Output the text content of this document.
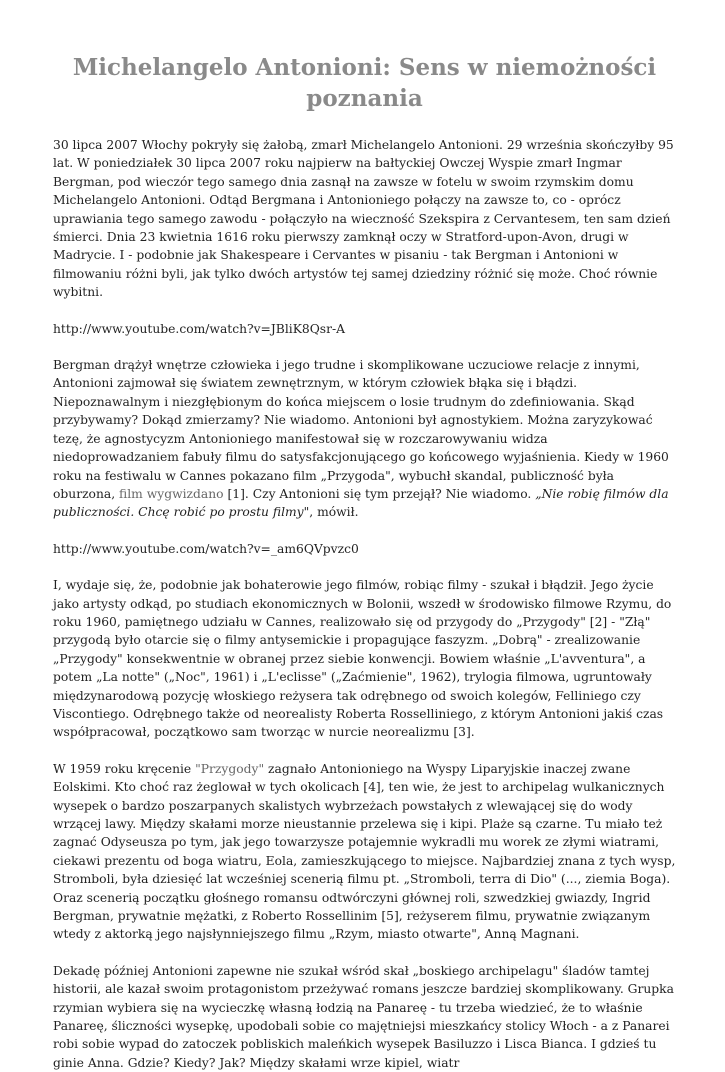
Michelangelo Antonioni: Sens w niemożności poznania

30 lipca 2007 Włochy pokryły się żałobą, zmarł Michelangelo Antonioni. 29 września skończyłby 95 lat. W poniedziałek 30 lipca 2007 roku najpierw na bałtyckiej Owczej Wyspie zmarł Ingmar Bergman, pod wieczór tego samego dnia zasnął na zawsze w fotelu w swoim rzymskim domu Michelangelo Antonioni. Odtąd Bergmana i Antonioniego połączy na zawsze to, co - oprócz uprawiania tego samego zawodu - połączyło na wieczność Szekspira z Cervantesem, ten sam dzień śmierci. Dnia 23 kwietnia 1616 roku pierwszy zamknął oczy w Stratford-upon-Avon, drugi w Madrycie. I - podobnie jak Shakespeare i Cervantes w pisaniu - tak Bergman i Antonioni w filmowaniu różni byli, jak tylko dwóch artystów tej samej dziedziny różnić się może. Choć równie wybitni.

http://www.youtube.com/watch?v=JBliK8Qsr-A

Bergman drążył wnętrze człowieka i jego trudne i skomplikowane uczuciowe relacje z innymi, Antonioni zajmował się światem zewnętrznym, w którym człowiek błąka się i błądzi. Niepoznawalnym i niezgłębionym do końca miejscem o losie trudnym do zdefiniowania. Skąd przybywamy? Dokąd zmierzamy? Nie wiadomo. Antonioni był agnostykiem. Można zaryzykować tezę, że agnostycyzm Antonioniego manifestował się w rozczarowywaniu widza niedoprowadzaniem fabuły filmu do satysfakcjonującego go końcowego wyjaśnienia. Kiedy w 1960 roku na festiwalu w Cannes pokazano film „Przygoda", wybuchł skandal, publiczność była oburzona, film wygwizdano [1]. Czy Antonioni się tym przejął? Nie wiadomo. „Nie robię filmów dla publiczności. Chcę robić po prostu filmy", mówił.

http://www.youtube.com/watch?v=_am6QVpvzc0

I, wydaje się, że, podobnie jak bohaterowie jego filmów, robiąc filmy - szukał i błądził. Jego życie jako artysty odkąd, po studiach ekonomicznych w Bolonii, wszedł w środowisko filmowe Rzymu, do roku 1960, pamiętnego udziału w Cannes, realizowało się od przygody do „Przygody" [2] - "Złą" przygodą było otarcie się o filmy antysemickie i propagujące faszyzm. „Dobrą" - zrealizowanie „Przygody" konsekwentnie w obranej przez siebie konwencji. Bowiem właśnie „L'avventura", a potem „La notte" („Noc", 1961) i „L'eclisse" („Zaćmienie", 1962), trylogia filmowa, ugruntowały międzynarodową pozycję włoskiego reżysera tak odrębnego od swoich kolegów, Felliniego czy Viscontiego. Odrębnego także od neorealisty Roberta Rosselliniego, z którym Antonioni jakiś czas współpracował, początkowo sam tworząc w nurcie neorealizmu [3].

W 1959 roku kręcenie "Przygody" zagnało Antonioniego na Wyspy Liparyjskie inaczej zwane Eolskimi. Kto choć raz żeglował w tych okolicach [4], ten wie, że jest to archipelag wulkanicznych wysepek o bardzo poszarpanych skalistych wybrzeżach powstałych z wlewającej się do wody wrzącej lawy. Między skałami morze nieustannie przelewa się i kipi. Plaże są czarne. Tu miało też zagnać Odyseusza po tym, jak jego towarzysze potajemnie wykradli mu worek ze złymi wiatrami, ciekawi prezentu od boga wiatru, Eola, zamieszkującego to miejsce. Najbardziej znana z tych wysp, Stromboli, była dziesięć lat wcześniej scenerią filmu pt. „Stromboli, terra di Dio" (..., ziemia Boga). Oraz scenerią początku głośnego romansu odtwórczyni głównej roli, szwedzkiej gwiazdy, Ingrid Bergman, prywatnie mężatki, z Roberto Rossellinim [5], reżyserem filmu, prywatnie związanym wtedy z aktorką jego najsłynniejszego filmu „Rzym, miasto otwarte", Anną Magnani.

Dekadę później Antonioni zapewne nie szukał wśród skał „boskiego archipelagu" śladów tamtej historii, ale kazał swoim protagonistom przeżywać romans jeszcze bardziej skomplikowany. Grupka rzymian wybiera się na wycieczkę własną łodzią na Panareę - tu trzeba wiedzieć, że to właśnie Panareę, śliczności wysepkę, upodobali sobie co majętniejsi mieszkańcy stolicy Włoch - a z Panarei robi sobie wypad do zatoczek pobliskich maleńkich wysepek Basiluzzo i Lisca Bianca. I gdzieś tu ginie Anna. Gdzie? Kiedy? Jak? Między skałami wrze kipiel, wiatr
